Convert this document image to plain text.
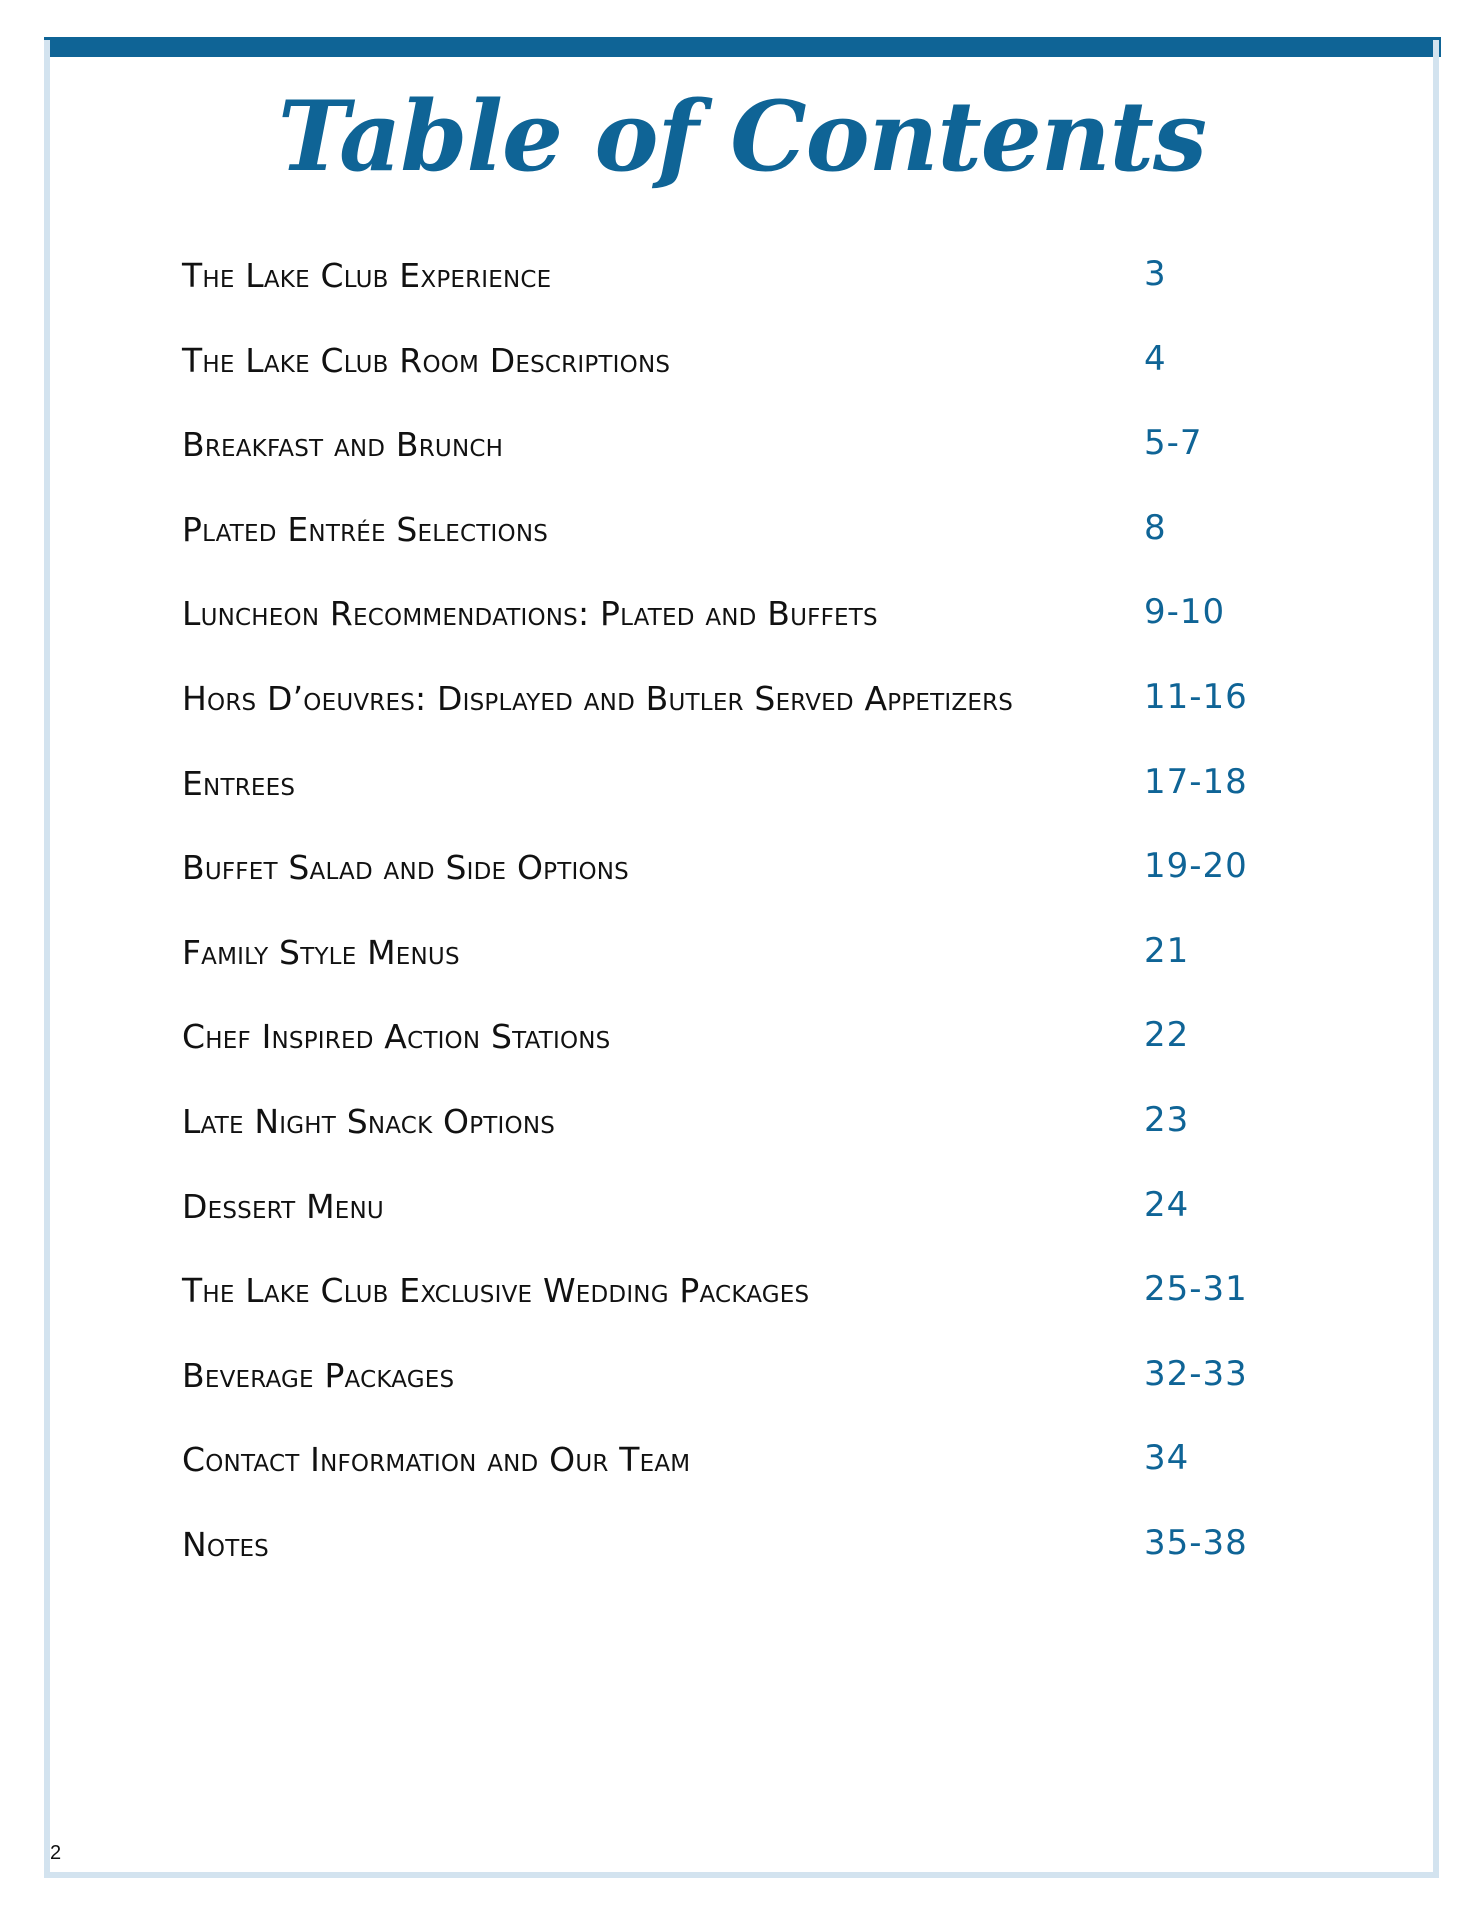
Table of Contents
The Lake Club Experience	3
The Lake Club Room Descriptions	4
Breakfast and Brunch	5-7
Plated Entrée Selections	8
Luncheon Recommendations: Plated and Buffets	9-10
Hors D’oeuvres: Displayed and Butler Served Appetizers	11-16
Entrees	17-18
Buffet Salad and Side Options	19-20
Family Style Menus	21
Chef Inspired Action Stations	22
Late Night Snack Options	23
Dessert Menu	24
The Lake Club Exclusive Wedding Packages	25-31
Beverage Packages	32-33
Contact Information and Our Team	34
Notes	35-38
2
